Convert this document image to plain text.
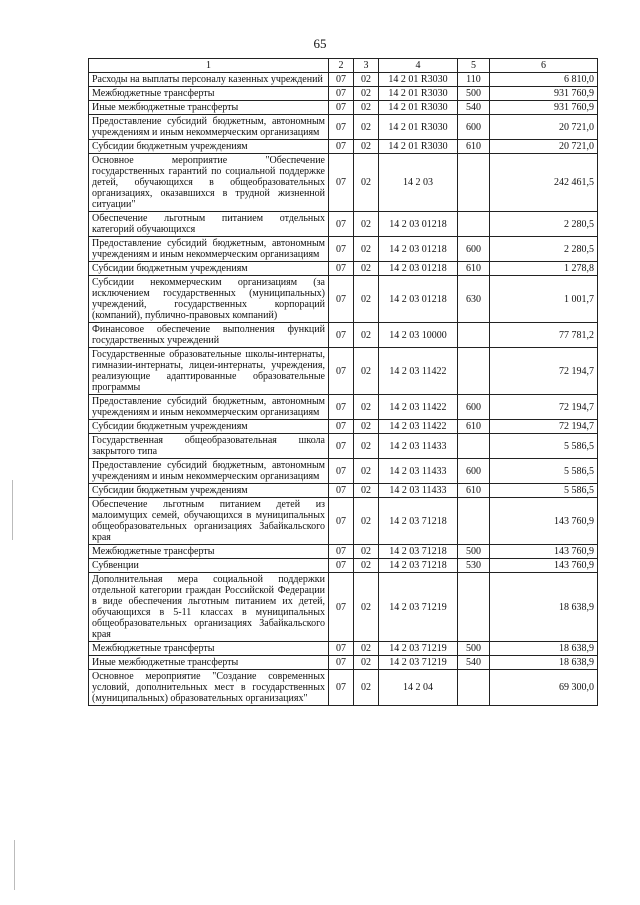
65
1	2	3	4	5	6
Расходы на выплаты персоналу казенных учреждений	07	02	14 2 01 R3030	110	6 810,0
Межбюджетные трансферты	07	02	14 2 01 R3030	500	931 760,9
Иные межбюджетные трансферты	07	02	14 2 01 R3030	540	931 760,9
Предоставление субсидий бюджетным, автономным учреждениям и иным некоммерческим организациям	07	02	14 2 01 R3030	600	20 721,0
Субсидии бюджетным учреждениям	07	02	14 2 01 R3030	610	20 721,0
Основное мероприятие "Обеспечение государственных гарантий по социальной поддержке детей, обучающихся в общеобразовательных организациях, оказавшихся в трудной жизненной ситуации"	07	02	14 2 03		242 461,5
Обеспечение льготным питанием отдельных категорий обучающихся	07	02	14 2 03 01218		2 280,5
Предоставление субсидий бюджетным, автономным учреждениям и иным некоммерческим организациям	07	02	14 2 03 01218	600	2 280,5
Субсидии бюджетным учреждениям	07	02	14 2 03 01218	610	1 278,8
Субсидии некоммерческим организациям (за исключением государственных (муниципальных) учреждений, государственных корпораций (компаний), публично-правовых компаний)	07	02	14 2 03 01218	630	1 001,7
Финансовое обеспечение выполнения функций государственных учреждений	07	02	14 2 03 10000		77 781,2
Государственные образовательные школы-интернаты, гимназии-интернаты, лицеи-интернаты, учреждения, реализующие адаптированные образовательные программы	07	02	14 2 03 11422		72 194,7
Предоставление субсидий бюджетным, автономным учреждениям и иным некоммерческим организациям	07	02	14 2 03 11422	600	72 194,7
Субсидии бюджетным учреждениям	07	02	14 2 03 11422	610	72 194,7
Государственная общеобразовательная школа закрытого типа	07	02	14 2 03 11433		5 586,5
Предоставление субсидий бюджетным, автономным учреждениям и иным некоммерческим организациям	07	02	14 2 03 11433	600	5 586,5
Субсидии бюджетным учреждениям	07	02	14 2 03 11433	610	5 586,5
Обеспечение льготным питанием детей из малоимущих семей, обучающихся в муниципальных общеобразовательных организациях Забайкальского края	07	02	14 2 03 71218		143 760,9
Межбюджетные трансферты	07	02	14 2 03 71218	500	143 760,9
Субвенции	07	02	14 2 03 71218	530	143 760,9
Дополнительная мера социальной поддержки отдельной категории граждан Российской Федерации в виде обеспечения льготным питанием их детей, обучающихся в 5-11 классах в муниципальных общеобразовательных организациях Забайкальского края	07	02	14 2 03 71219		18 638,9
Межбюджетные трансферты	07	02	14 2 03 71219	500	18 638,9
Иные межбюджетные трансферты	07	02	14 2 03 71219	540	18 638,9
Основное мероприятие "Создание современных условий, дополнительных мест в государственных (муниципальных) образовательных организациях"	07	02	14 2 04		69 300,0
